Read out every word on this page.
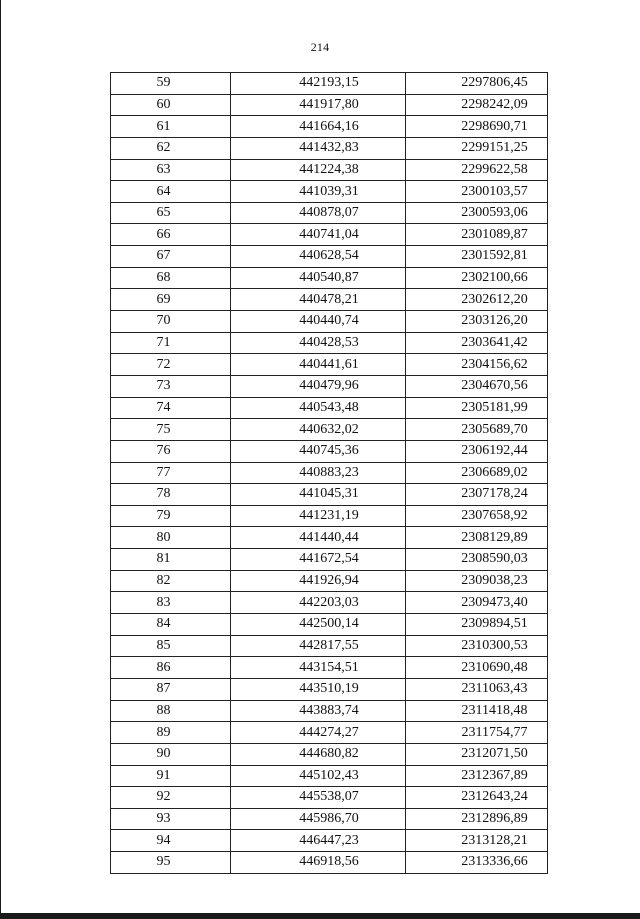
214
59	442193,15	2297806,45
60	441917,80	2298242,09
61	441664,16	2298690,71
62	441432,83	2299151,25
63	441224,38	2299622,58
64	441039,31	2300103,57
65	440878,07	2300593,06
66	440741,04	2301089,87
67	440628,54	2301592,81
68	440540,87	2302100,66
69	440478,21	2302612,20
70	440440,74	2303126,20
71	440428,53	2303641,42
72	440441,61	2304156,62
73	440479,96	2304670,56
74	440543,48	2305181,99
75	440632,02	2305689,70
76	440745,36	2306192,44
77	440883,23	2306689,02
78	441045,31	2307178,24
79	441231,19	2307658,92
80	441440,44	2308129,89
81	441672,54	2308590,03
82	441926,94	2309038,23
83	442203,03	2309473,40
84	442500,14	2309894,51
85	442817,55	2310300,53
86	443154,51	2310690,48
87	443510,19	2311063,43
88	443883,74	2311418,48
89	444274,27	2311754,77
90	444680,82	2312071,50
91	445102,43	2312367,89
92	445538,07	2312643,24
93	445986,70	2312896,89
94	446447,23	2313128,21
95	446918,56	2313336,66
